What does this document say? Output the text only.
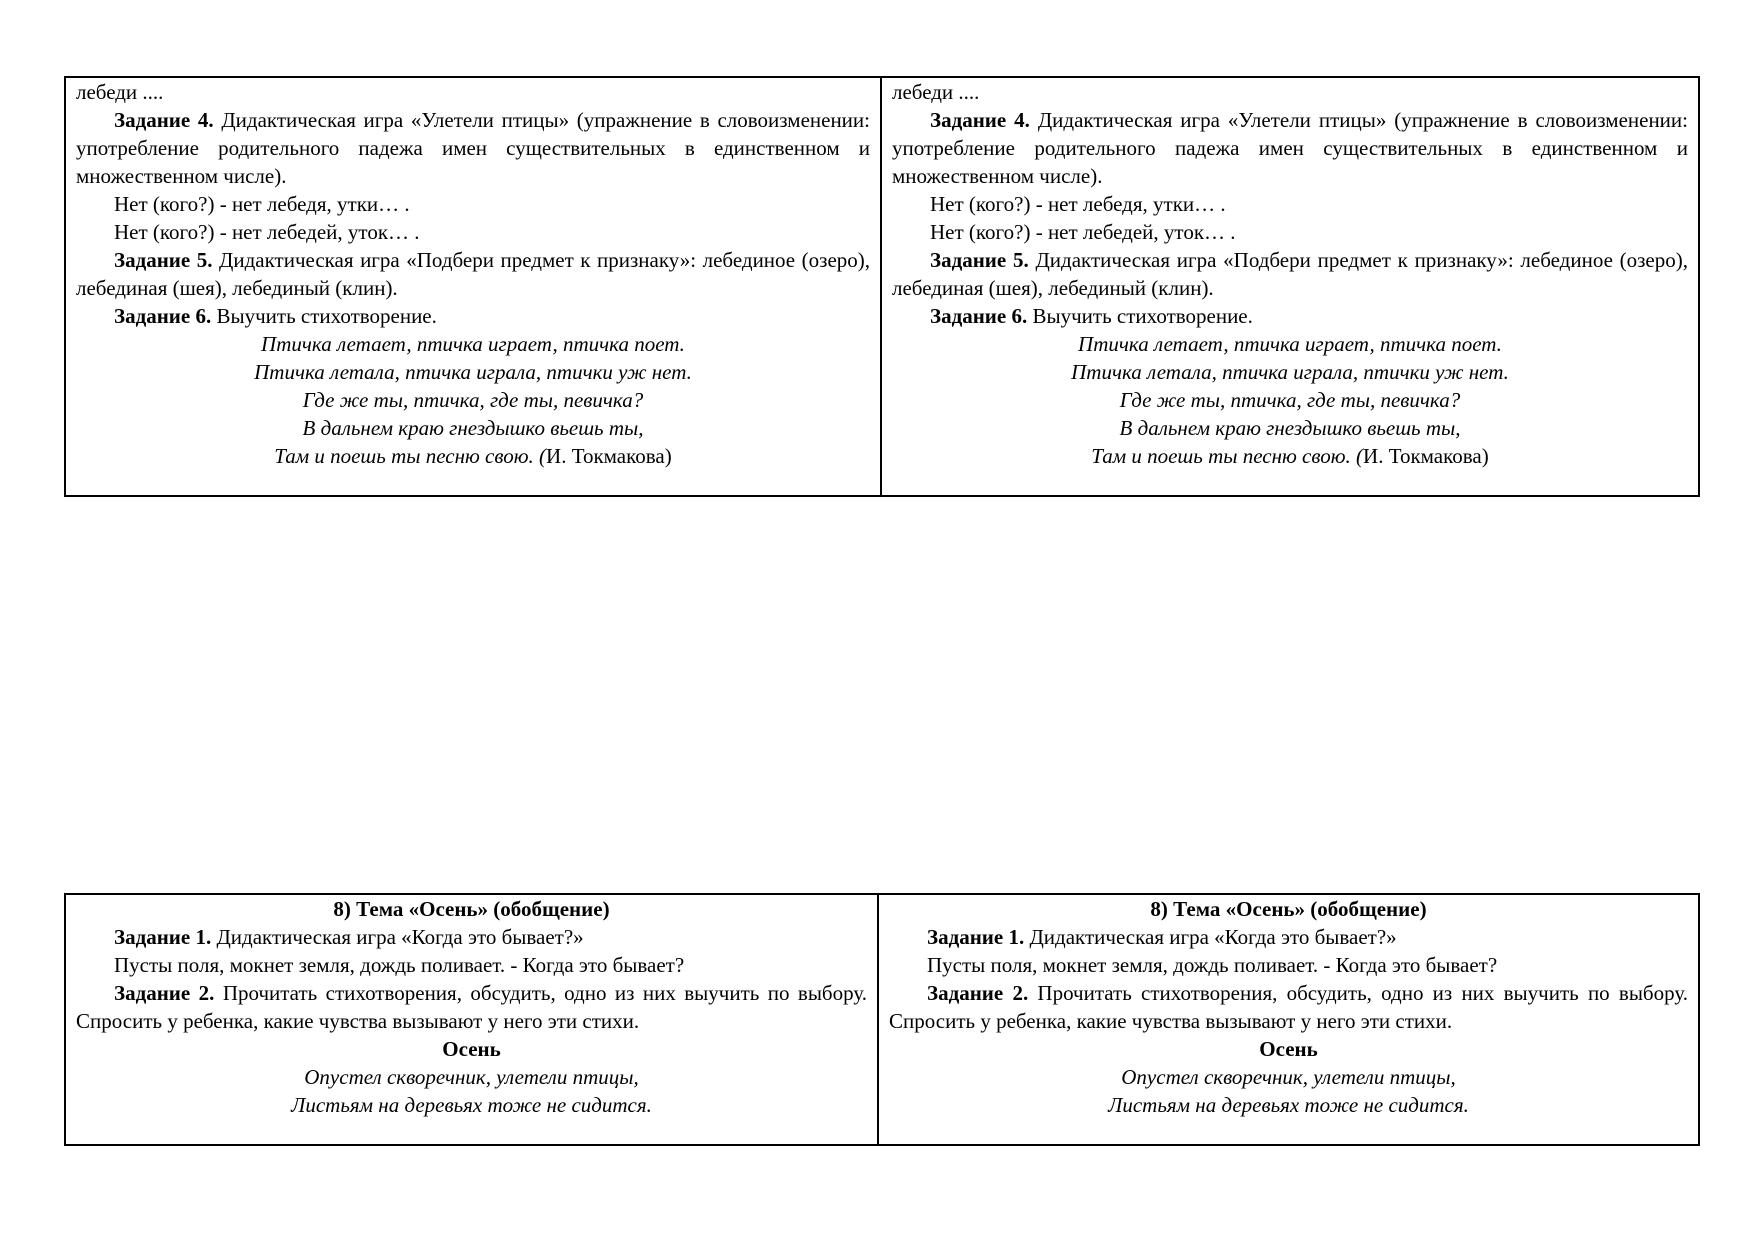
лебеди ....

Задание 4. Дидактическая игра «Улетели птицы» (упражнение в словоизменении: употребление родительного падежа имен существительных в единственном и множественном числе).

Нет (кого?) - нет лебедя, утки… .

Нет (кого?) - нет лебедей, уток… .

Задание 5. Дидактическая игра «Подбери предмет к признаку»: лебединое (озеро), лебединая (шея), лебединый (клин).

Задание 6. Выучить стихотворение.

Птичка летает, птичка играет, птичка поет.

Птичка летала, птичка играла, птички уж нет.

Где же ты, птичка, где ты, певичка?

В дальнем краю гнездышко вьешь ты,

Там и поешь ты песню свою. (И. Токмакова)

лебеди ....

Задание 4. Дидактическая игра «Улетели птицы» (упражнение в словоизменении: употребление родительного падежа имен существительных в единственном и множественном числе).

Нет (кого?) - нет лебедя, утки… .

Нет (кого?) - нет лебедей, уток… .

Задание 5. Дидактическая игра «Подбери предмет к признаку»: лебединое (озеро), лебединая (шея), лебединый (клин).

Задание 6. Выучить стихотворение.

Птичка летает, птичка играет, птичка поет.

Птичка летала, птичка играла, птички уж нет.

Где же ты, птичка, где ты, певичка?

В дальнем краю гнездышко вьешь ты,

Там и поешь ты песню свою. (И. Токмакова)

8) Тема «Осень» (обобщение)

Задание 1. Дидактическая игра «Когда это бывает?»

Пусты поля, мокнет земля, дождь поливает. - Когда это бывает?

Задание 2. Прочитать стихотворения, обсудить, одно из них выучить по выбору. Спросить у ребенка, какие чувства вызывают у него эти стихи.

Осень

Опустел скворечник, улетели птицы,

Листьям на деревьях тоже не сидится.

8) Тема «Осень» (обобщение)

Задание 1. Дидактическая игра «Когда это бывает?»

Пусты поля, мокнет земля, дождь поливает. - Когда это бывает?

Задание 2. Прочитать стихотворения, обсудить, одно из них выучить по выбору. Спросить у ребенка, какие чувства вызывают у него эти стихи.

Осень

Опустел скворечник, улетели птицы,

Листьям на деревьях тоже не сидится.
